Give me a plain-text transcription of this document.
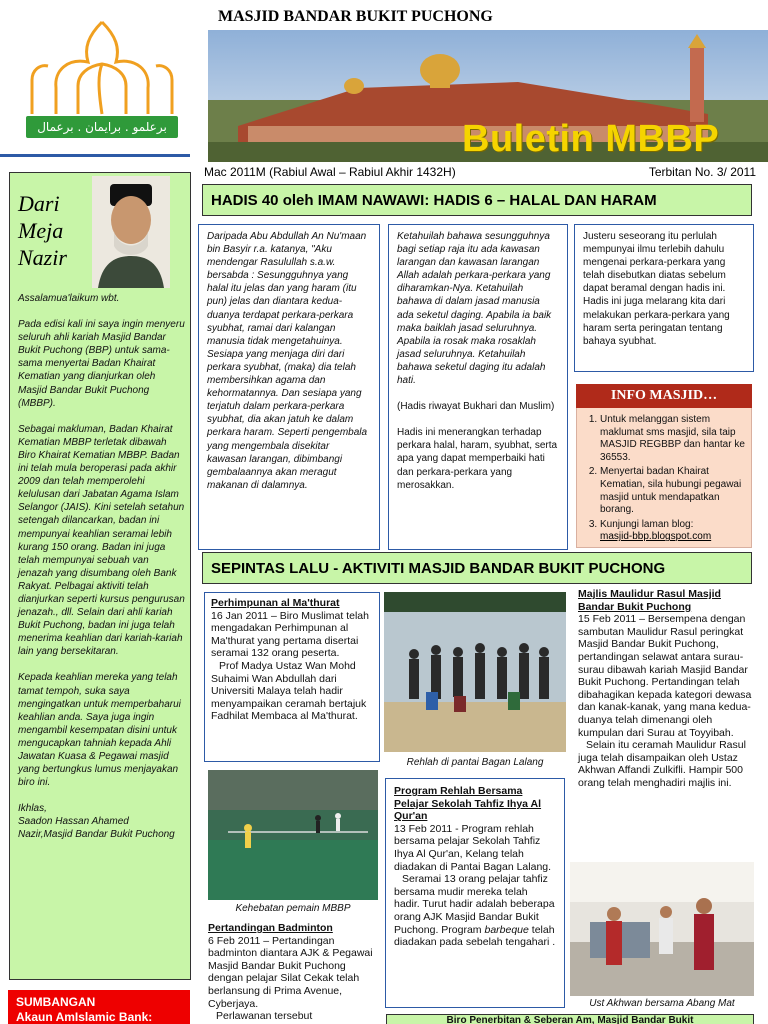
برعلمو . برايمان . برعمال
MASJID BANDAR BUKIT PUCHONG
Buletin MBBP
Mac 2011M (Rabiul Awal – Rabiul Akhir 1432H)	Terbitan No. 3/ 2011
Dari
Meja
Nazir

Assalamua'laikum wbt.

Pada edisi kali ini saya ingin menyeru seluruh ahli kariah Masjid Bandar Bukit Puchong (BBP) untuk sama-sama menyertai Badan Khairat Kematian yang dianjurkan oleh Masjid Bandar Bukit Puchong (MBBP).

Sebagai makluman, Badan Khairat Kematian MBBP terletak dibawah Biro Khairat Kematian MBBP. Badan ini telah mula beroperasi pada akhir 2009 dan telah memperolehi kelulusan dari Jabatan Agama Islam Selangor (JAIS). Kini setelah setahun setengah dilancarkan, badan ini mempunyai keahlian seramai lebih kurang 150 orang. Badan ini juga telah mempunyai sebuah van jenazah yang disumbang oleh Bank Rakyat. Pelbagai aktiviti telah dianjurkan seperti kursus pengurusan jenazah., dll. Selain dari ahli kariah Bukit Puchong, badan ini juga telah menerima keahlian dari kariah-kariah lain yang bersekitaran.

Kepada keahlian mereka yang telah tamat tempoh, suka saya mengingatkan untuk memperbaharui keahlian anda. Saya juga ingin mengambil kesempatan disini untuk mengucapkan tahniah kepada Ahli Jawatan Kuasa & Pegawai masjid yang bertungkus lumus menjayakan biro ini.

Ikhlas,
Saadon Hassan Ahamed
Nazir,Masjid Bandar Bukit Puchong

SUMBANGAN
Akaun AmIslamic Bank:
HADIS 40 oleh IMAM NAWAWI: HADIS 6 – HALAL DAN HARAM
Daripada Abu Abdullah An Nu'maan bin Basyir r.a. katanya, "Aku mendengar Rasulullah s.a.w. bersabda : Sesungguhnya yang halal itu jelas dan yang haram (itu pun) jelas dan diantara kedua-duanya terdapat perkara-perkara syubhat, ramai dari kalangan manusia tidak mengetahuinya. Sesiapa yang menjaga diri dari perkara syubhat, (maka) dia telah membersihkan agama dan kehormatannya. Dan sesiapa yang terjatuh dalam perkara-perkara syubhat, dia akan jatuh ke dalam perkara haram. Seperti pengembala yang mengembala disekitar kawasan larangan, dibimbangi gembalaannya akan meragut makanan di dalamnya.

Ketahuilah bahawa sesungguhnya bagi setiap raja itu ada kawasan larangan dan kawasan larangan Allah adalah perkara-perkara yang diharamkan-Nya. Ketahuilah bahawa di dalam jasad manusia ada seketul daging. Apabila ia baik maka baiklah jasad seluruhnya. Apabila ia rosak maka rosaklah jasad seluruhnya. Ketahuilah bahawa seketul daging itu adalah hati.

(Hadis riwayat Bukhari dan Muslim)

Hadis ini menerangkan terhadap perkara halal, haram, syubhat, serta apa yang dapat memperbaiki hati dan perkara-perkara yang merosakkan.

Justeru seseorang itu perlulah mempunyai ilmu terlebih dahulu mengenai perkara-perkara yang telah disebutkan diatas sebelum dapat beramal dengan hadis ini. Hadis ini juga melarang kita dari melakukan perkara-perkara yang haram serta peringatan tentang bahaya syubhat.
INFO MASJID…
1. Untuk melanggan sistem maklumat sms masjid, sila taip MASJID REGBBP dan hantar ke 36553.
2. Menyertai badan Khairat Kematian, sila hubungi pegawai masjid untuk mendapatkan borang.
3. Kunjungi laman blog:
masjid-bbp.blogspot.com
SEPINTAS LALU - AKTIVITI MASJID BANDAR BUKIT PUCHONG
Perhimpunan al Ma'thurat

16 Jan 2011 – Biro Muslimat telah mengadakan Perhimpunan al Ma'thurat yang pertama disertai seramai 132 orang peserta.

Prof Madya Ustaz Wan Mohd Suhaimi Wan Abdullah dari Universiti Malaya telah hadir menyampaikan ceramah bertajuk Fadhilat Membaca al Ma'thurat.

Kehebatan pemain MBBP
Pertandingan Badminton

6 Feb 2011 – Pertandingan badminton diantara AJK & Pegawai Masjid Bandar Bukit Puchong dengan pelajar Silat Cekak telah berlansung di Prima Avenue, Cyberjaya.

Perlawanan tersebut

Rehlah di pantai Bagan Lalang
Program Rehlah Bersama Pelajar Sekolah Tahfiz Ihya Al Qur'an

13 Feb 2011 - Program rehlah bersama pelajar Sekolah Tahfiz Ihya Al Qur'an, Kelang telah diadakan di Pantai Bagan Lalang.

Seramai 13 orang pelajar tahfiz bersama mudir mereka telah hadir. Turut hadir adalah beberapa orang AJK Masjid Bandar Bukit Puchong. Program barbeque telah diadakan pada sebelah tengahari .

Majlis Maulidur Rasul Masjid Bandar Bukit Puchong

15 Feb 2011 – Bersempena dengan sambutan Maulidur Rasul peringkat Masjid Bandar Bukit Puchong, pertandingan selawat antara surau-surau dibawah kariah Masjid Bandar Bukit Puchong. Pertandingan telah dibahagikan kepada kategori dewasa dan kanak-kanak, yang mana kedua-duanya telah dimenangi oleh kumpulan dari Surau at Toyyibah.

Selain itu ceramah Maulidur Rasul juga telah disampaikan oleh Ustaz Akhwan Affandi Zulkifli. Hampir 500 orang telah menghadiri majlis ini.

Ust Akhwan bersama Abang Mat
Biro Penerbitan & Seberan Am, Masjid Bandar Bukit
